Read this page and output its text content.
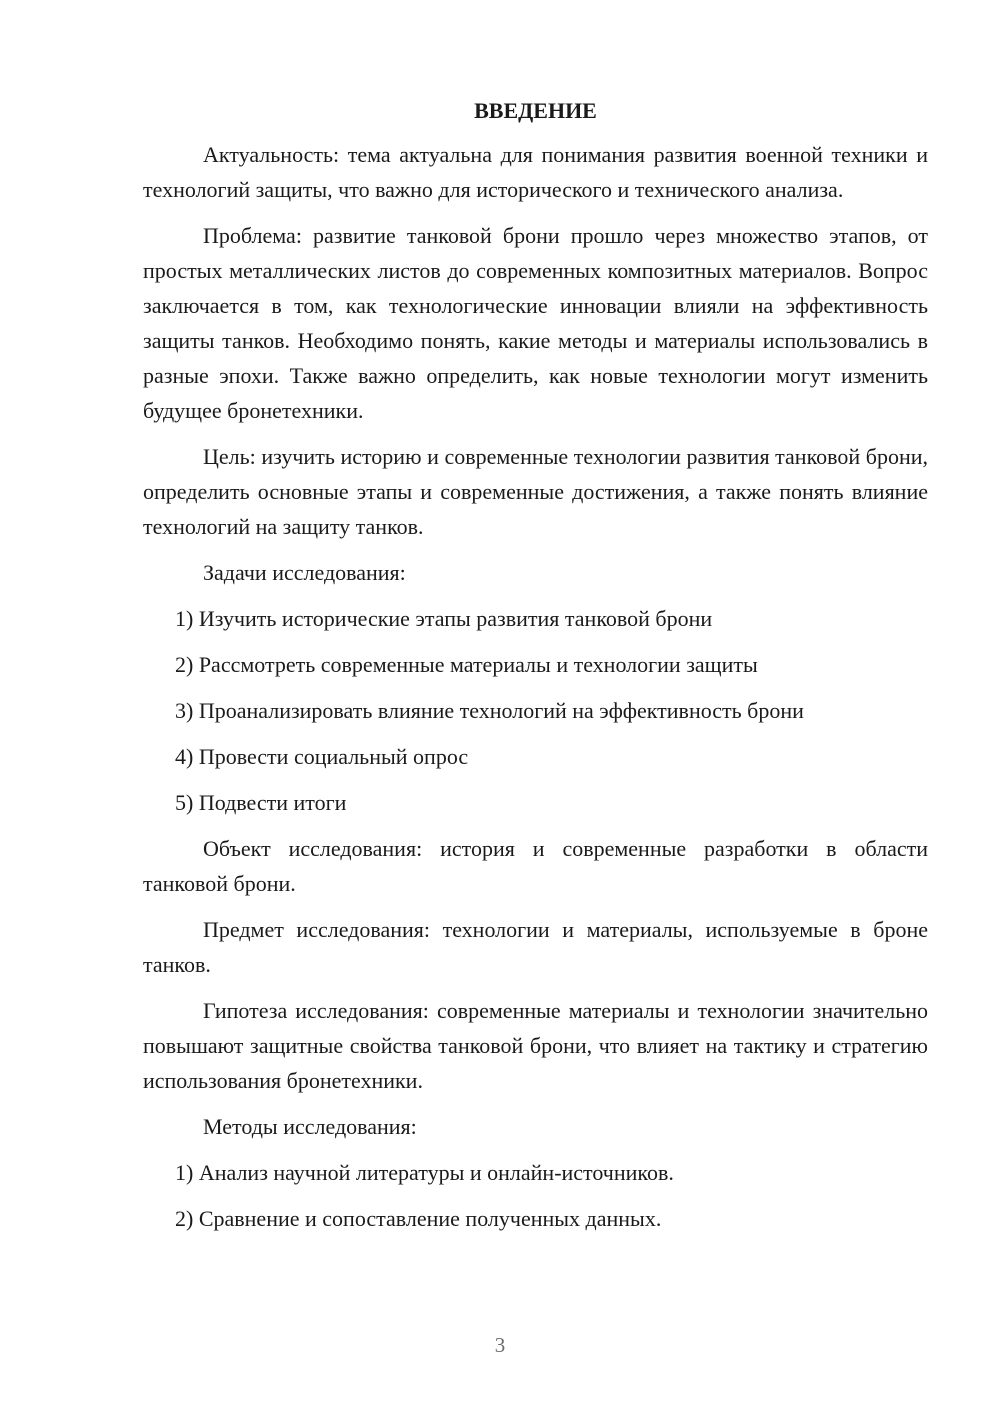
ВВЕДЕНИЕ

Актуальность: тема актуальна для понимания развития военной техники и технологий защиты, что важно для исторического и технического анализа.

Проблема: развитие танковой брони прошло через множество этапов, от простых металлических листов до современных композитных материалов. Вопрос заключается в том, как технологические инновации влияли на эффективность защиты танков. Необходимо понять, какие методы и материалы использовались в разные эпохи. Также важно определить, как новые технологии могут изменить будущее бронетехники.

Цель: изучить историю и современные технологии развития танковой брони, определить основные этапы и современные достижения, а также понять влияние технологий на защиту танков.

Задачи исследования:

1) Изучить исторические этапы развития танковой брони
2) Рассмотреть современные материалы и технологии защиты
3) Проанализировать влияние технологий на эффективность брони
4) Провести социальный опрос
5) Подвести итоги

Объект исследования: история и современные разработки в области танковой брони.

Предмет исследования: технологии и материалы, используемые в броне танков.

Гипотеза исследования: современные материалы и технологии значительно повышают защитные свойства танковой брони, что влияет на тактику и стратегию использования бронетехники.

Методы исследования:

1) Анализ научной литературы и онлайн-источников.
2) Сравнение и сопоставление полученных данных.
3
